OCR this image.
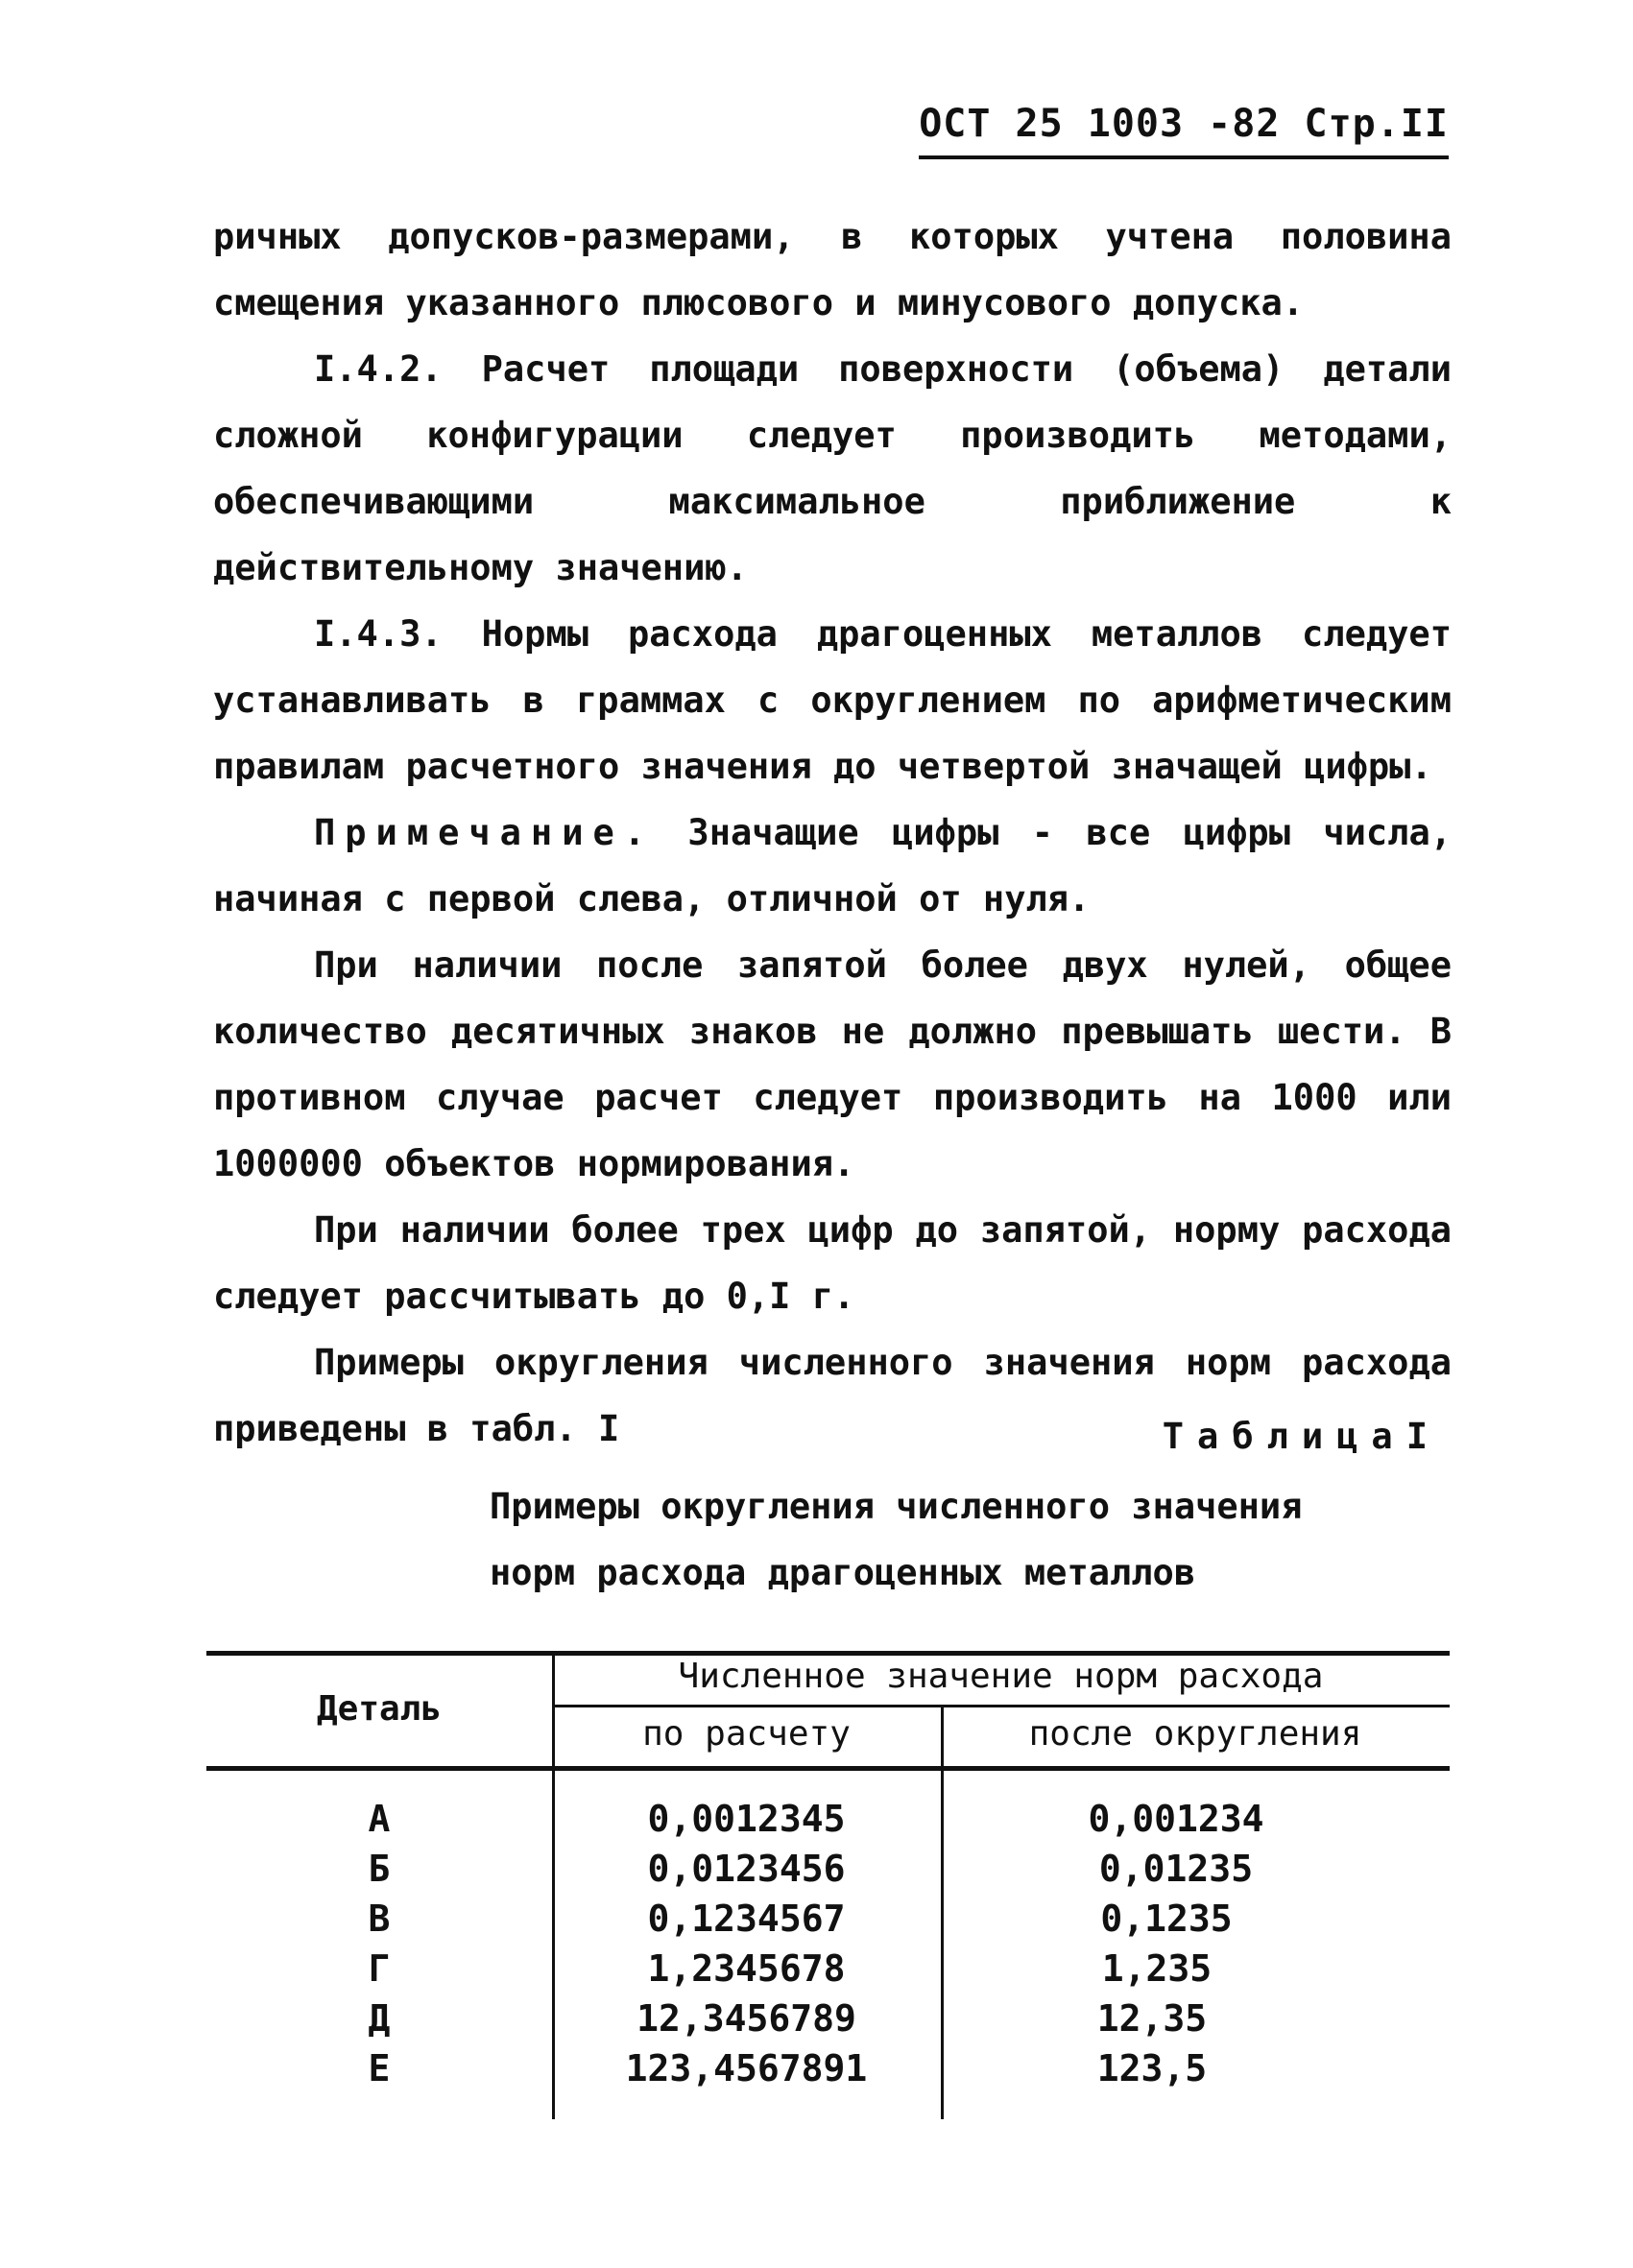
ОСТ 25 1003 -82 Стр.II

ричных допусков-размерами, в которых учтена половина смещения указанного плюсового и минусового допуска.

I.4.2. Расчет площади поверхности (объема) детали сложной конфигурации следует производить методами, обеспечивающими максимальное приближение к действительному значению.

I.4.3. Нормы расхода драгоценных металлов следует устанавливать в граммах с округлением по арифметическим правилам расчетного значения до четвертой значащей цифры.

Примечание. Значащие цифры - все цифры числа, начиная с первой слева, отличной от нуля.

При наличии после запятой более двух нулей, общее количество десятичных знаков не должно превышать шести. В противном случае расчет следует производить на 1000 или 1000000 объектов нормирования.

При наличии более трех цифр до запятой, норму расхода следует рассчитывать до 0,I г.

Примеры округления численного значения норм расхода приведены в табл. I	ТаблицаI
Примеры округления численного значения
норм расхода драгоценных металлов
Деталь
Численное значение норм расхода
по расчету	после округления
А	0,0012345	0,001234
Б	0,0123456	0,01235
В	0,1234567	0,1235
Г	1,2345678	1,235
Д	12,3456789	12,35
Е	123,4567891	123,5
